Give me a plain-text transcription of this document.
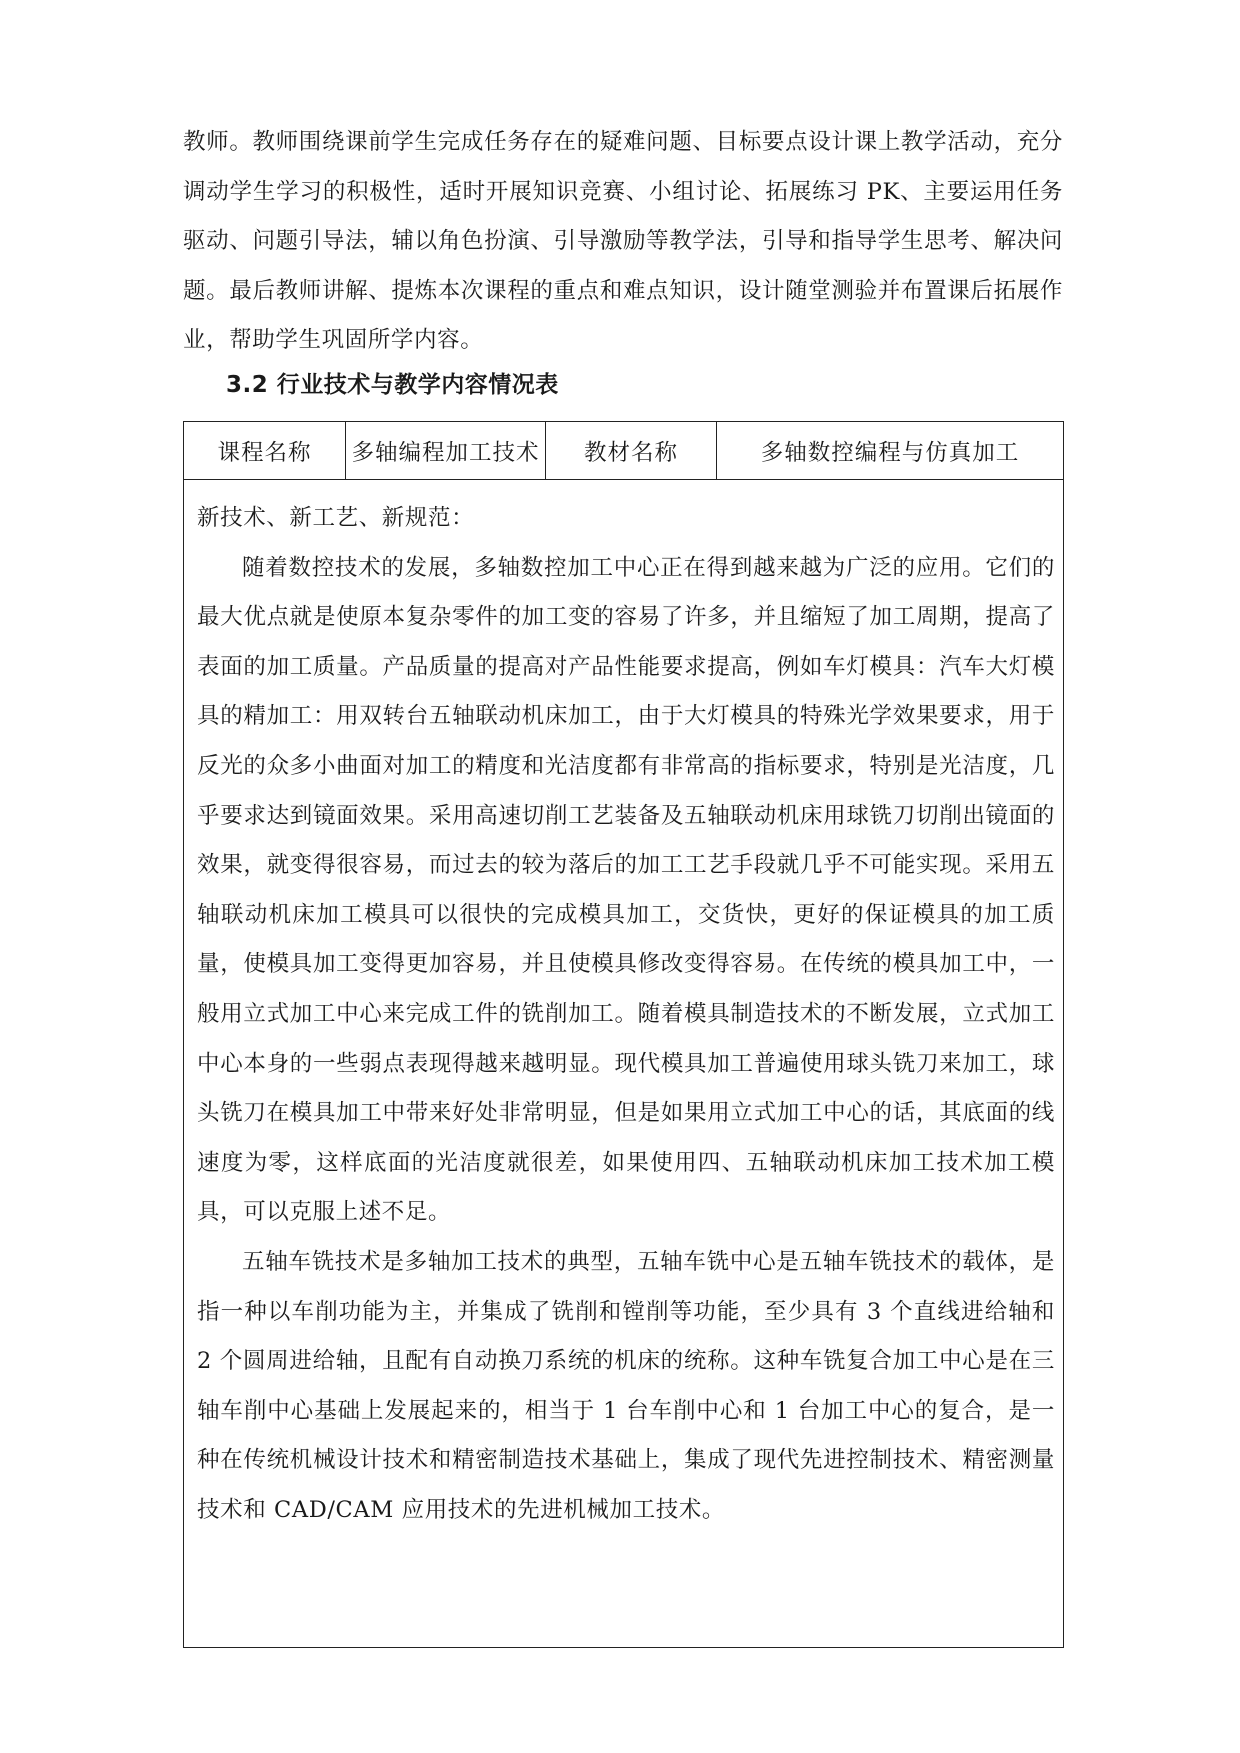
教师。教师围绕课前学生完成任务存在的疑难问题、目标要点设计课上教学活动，充分调动学生学习的积极性，适时开展知识竞赛、小组讨论、拓展练习 PK、主要运用任务驱动、问题引导法，辅以角色扮演、引导激励等教学法，引导和指导学生思考、解决问题。最后教师讲解、提炼本次课程的重点和难点知识，设计随堂测验并布置课后拓展作业，帮助学生巩固所学内容。

3.2 行业技术与教学内容情况表
课程名称	多轴编程加工技术	教材名称	多轴数控编程与仿真加工

新技术、新工艺、新规范：

随着数控技术的发展，多轴数控加工中心正在得到越来越为广泛的应用。它们的最大优点就是使原本复杂零件的加工变的容易了许多，并且缩短了加工周期，提高了表面的加工质量。产品质量的提高对产品性能要求提高，例如车灯模具：汽车大灯模具的精加工：用双转台五轴联动机床加工，由于大灯模具的特殊光学效果要求，用于反光的众多小曲面对加工的精度和光洁度都有非常高的指标要求，特别是光洁度，几乎要求达到镜面效果。采用高速切削工艺装备及五轴联动机床用球铣刀切削出镜面的效果，就变得很容易，而过去的较为落后的加工工艺手段就几乎不可能实现。采用五轴联动机床加工模具可以很快的完成模具加工，交货快，更好的保证模具的加工质量，使模具加工变得更加容易，并且使模具修改变得容易。在传统的模具加工中，一般用立式加工中心来完成工件的铣削加工。随着模具制造技术的不断发展，立式加工中心本身的一些弱点表现得越来越明显。现代模具加工普遍使用球头铣刀来加工，球头铣刀在模具加工中带来好处非常明显，但是如果用立式加工中心的话，其底面的线速度为零，这样底面的光洁度就很差，如果使用四、五轴联动机床加工技术加工模具，可以克服上述不足。

五轴车铣技术是多轴加工技术的典型，五轴车铣中心是五轴车铣技术的载体，是指一种以车削功能为主，并集成了铣削和镗削等功能，至少具有 3 个直线进给轴和 2 个圆周进给轴，且配有自动换刀系统的机床的统称。这种车铣复合加工中心是在三轴车削中心基础上发展起来的，相当于 1 台车削中心和 1 台加工中心的复合，是一种在传统机械设计技术和精密制造技术基础上，集成了现代先进控制技术、精密测量技术和 CAD/CAM 应用技术的先进机械加工技术。
